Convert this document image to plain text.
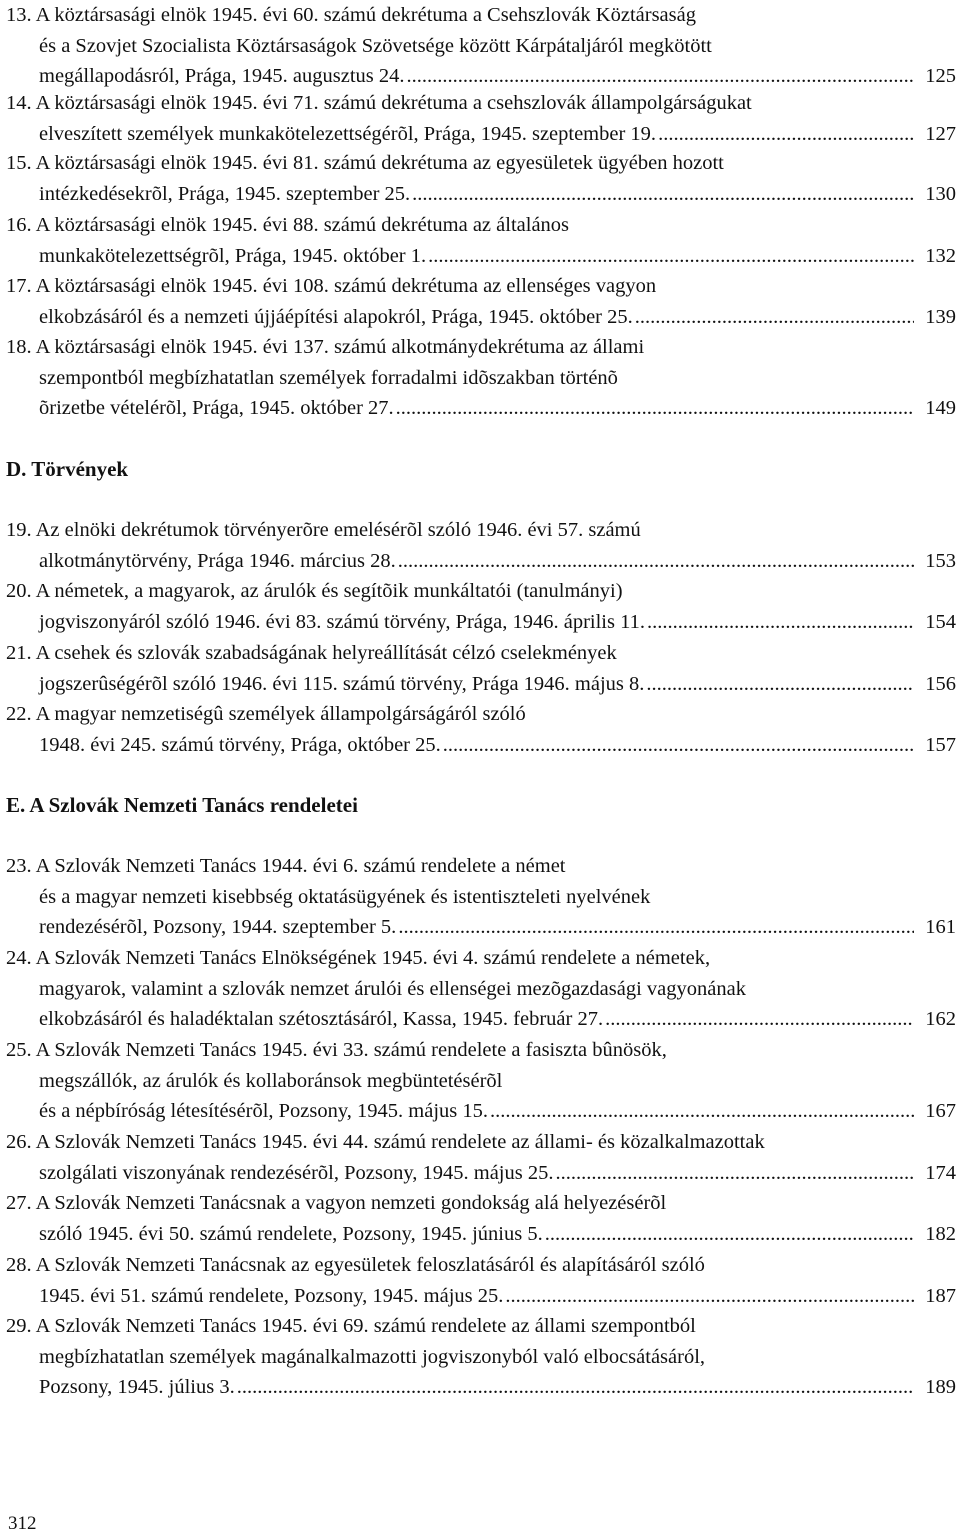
13. A köztársasági elnök 1945. évi 60. számú dekrétuma a Csehszlovák Köztársaság
és a Szovjet Szocialista Köztársaságok Szövetsége között Kárpátaljáról megkötött
megállapodásról, Prága, 1945. augusztus 24. .....	125
14. A köztársasági elnök 1945. évi 71. számú dekrétuma a csehszlovák állampolgárságukat
elveszített személyek munkakötelezettségérõl, Prága, 1945. szeptember 19. .....	127
15. A köztársasági elnök 1945. évi 81. számú dekrétuma az egyesületek ügyében hozott
intézkedésekrõl, Prága, 1945. szeptember 25. .....	130
16. A köztársasági elnök 1945. évi 88. számú dekrétuma az általános
munkakötelezettségrõl, Prága, 1945. október 1. .....	132
17. A köztársasági elnök 1945. évi 108. számú dekrétuma az ellenséges vagyon
elkobzásáról és a nemzeti újjáépítési alapokról, Prága, 1945. október 25. .....	139
18. A köztársasági elnök 1945. évi 137. számú alkotmánydekrétuma az állami
szempontból megbízhatatlan személyek forradalmi idõszakban történõ
õrizetbe vételérõl, Prága, 1945. október 27. .....	149
D. Törvények
19. Az elnöki dekrétumok törvényerõre emelésérõl szóló 1946. évi 57. számú
alkotmánytörvény, Prága 1946. március 28. .....	153
20. A németek, a magyarok, az árulók és segítõik munkáltatói (tanulmányi)
jogviszonyáról szóló 1946. évi 83. számú törvény, Prága, 1946. április 11. .....	154
21. A csehek és szlovák szabadságának helyreállítását célzó cselekmények
jogszerûségérõl szóló 1946. évi 115. számú törvény, Prága 1946. május 8. .....	156
22. A magyar nemzetiségû személyek állampolgárságáról szóló
1948. évi 245. számú törvény, Prága, október 25. .....	157
E. A Szlovák Nemzeti Tanács rendeletei
23. A Szlovák Nemzeti Tanács 1944. évi 6. számú rendelete a német
és a magyar nemzeti kisebbség oktatásügyének és istentiszteleti nyelvének
rendezésérõl, Pozsony, 1944. szeptember 5. .....	161
24. A Szlovák Nemzeti Tanács Elnökségének 1945. évi 4. számú rendelete a németek,
magyarok, valamint a szlovák nemzet árulói és ellenségei mezõgazdasági vagyonának
elkobzásáról és haladéktalan szétosztásáról, Kassa, 1945. február 27. .....	162
25. A Szlovák Nemzeti Tanács 1945. évi 33. számú rendelete a fasiszta bûnösök,
megszállók, az árulók és kollaboránsok megbüntetésérõl
és a népbíróság létesítésérõl, Pozsony, 1945. május 15. .....	167
26. A Szlovák Nemzeti Tanács 1945. évi 44. számú rendelete az állami- és közalkalmazottak
szolgálati viszonyának rendezésérõl, Pozsony, 1945. május 25. .....	174
27. A Szlovák Nemzeti Tanácsnak a vagyon nemzeti gondokság alá helyezésérõl
szóló 1945. évi 50. számú rendelete, Pozsony, 1945. június 5. .....	182
28. A Szlovák Nemzeti Tanácsnak az egyesületek feloszlatásáról és alapításáról szóló
1945. évi 51. számú rendelete, Pozsony, 1945. május 25. .....	187
29. A Szlovák Nemzeti Tanács 1945. évi 69. számú rendelete az állami szempontból
megbízhatatlan személyek magánalkalmazotti jogviszonyból való elbocsátásáról,
Pozsony, 1945. július 3. .....	189
312
